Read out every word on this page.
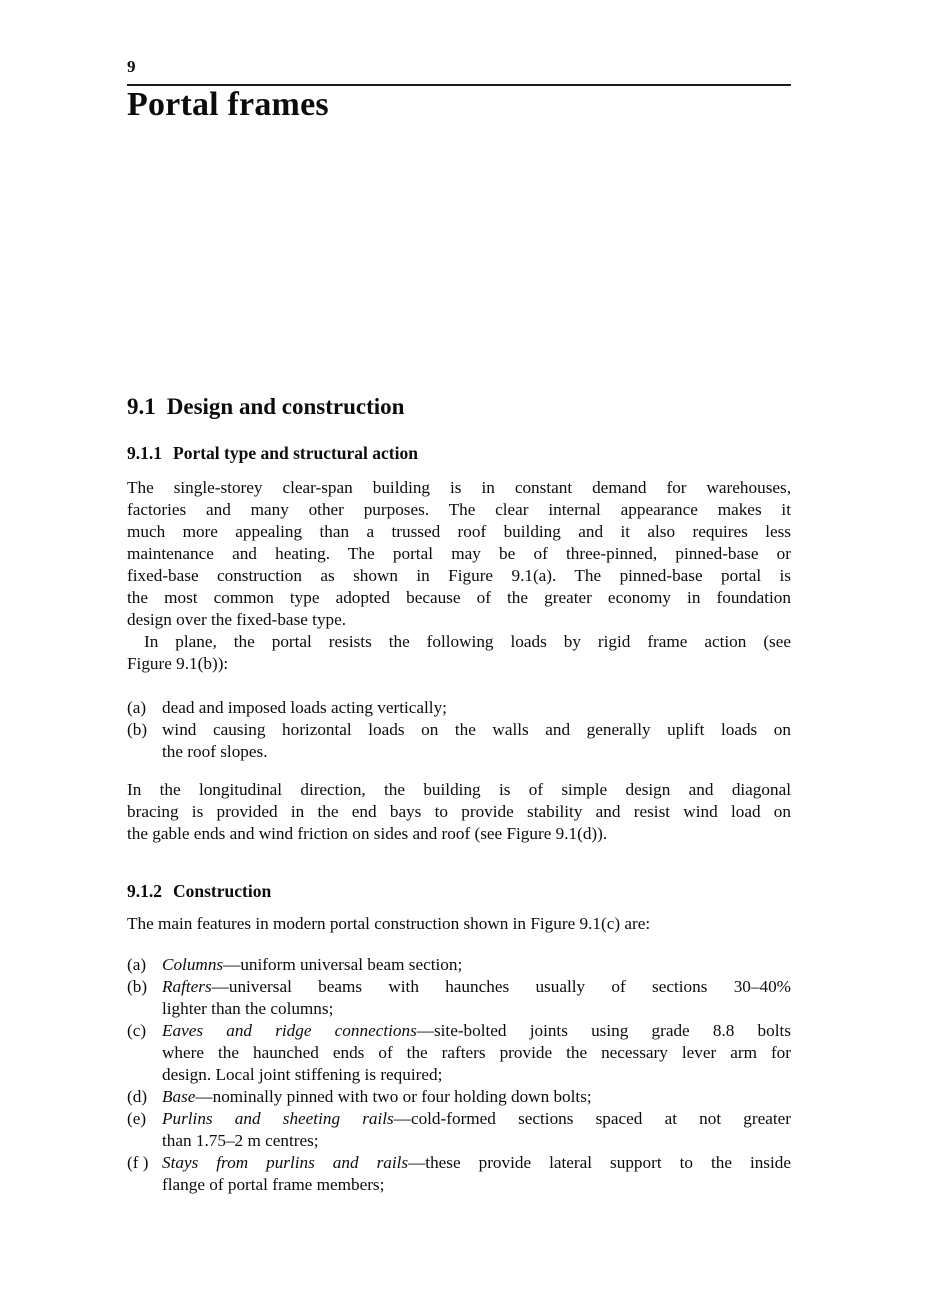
9
Portal frames
9.1 Design and construction
9.1.1 Portal type and structural action
The single-storey clear-span building is in constant demand for warehouses,
factories and many other purposes. The clear internal appearance makes it
much more appealing than a trussed roof building and it also requires less
maintenance and heating. The portal may be of three-pinned, pinned-base or
fixed-base construction as shown in Figure 9.1(a). The pinned-base portal is
the most common type adopted because of the greater economy in foundation
design over the fixed-base type.
In plane, the portal resists the following loads by rigid frame action (see
Figure 9.1(b)):
(a) dead and imposed loads acting vertically;
(b) wind causing horizontal loads on the walls and generally uplift loads on
the roof slopes.
In the longitudinal direction, the building is of simple design and diagonal
bracing is provided in the end bays to provide stability and resist wind load on
the gable ends and wind friction on sides and roof (see Figure 9.1(d)).
9.1.2 Construction
The main features in modern portal construction shown in Figure 9.1(c) are:
(a) Columns—uniform universal beam section;
(b) Rafters—universal beams with haunches usually of sections 30–40%
lighter than the columns;
(c) Eaves and ridge connections—site-bolted joints using grade 8.8 bolts
where the haunched ends of the rafters provide the necessary lever arm for
design. Local joint stiffening is required;
(d) Base—nominally pinned with two or four holding down bolts;
(e) Purlins and sheeting rails—cold-formed sections spaced at not greater
than 1.75–2 m centres;
(f ) Stays from purlins and rails—these provide lateral support to the inside
flange of portal frame members;
